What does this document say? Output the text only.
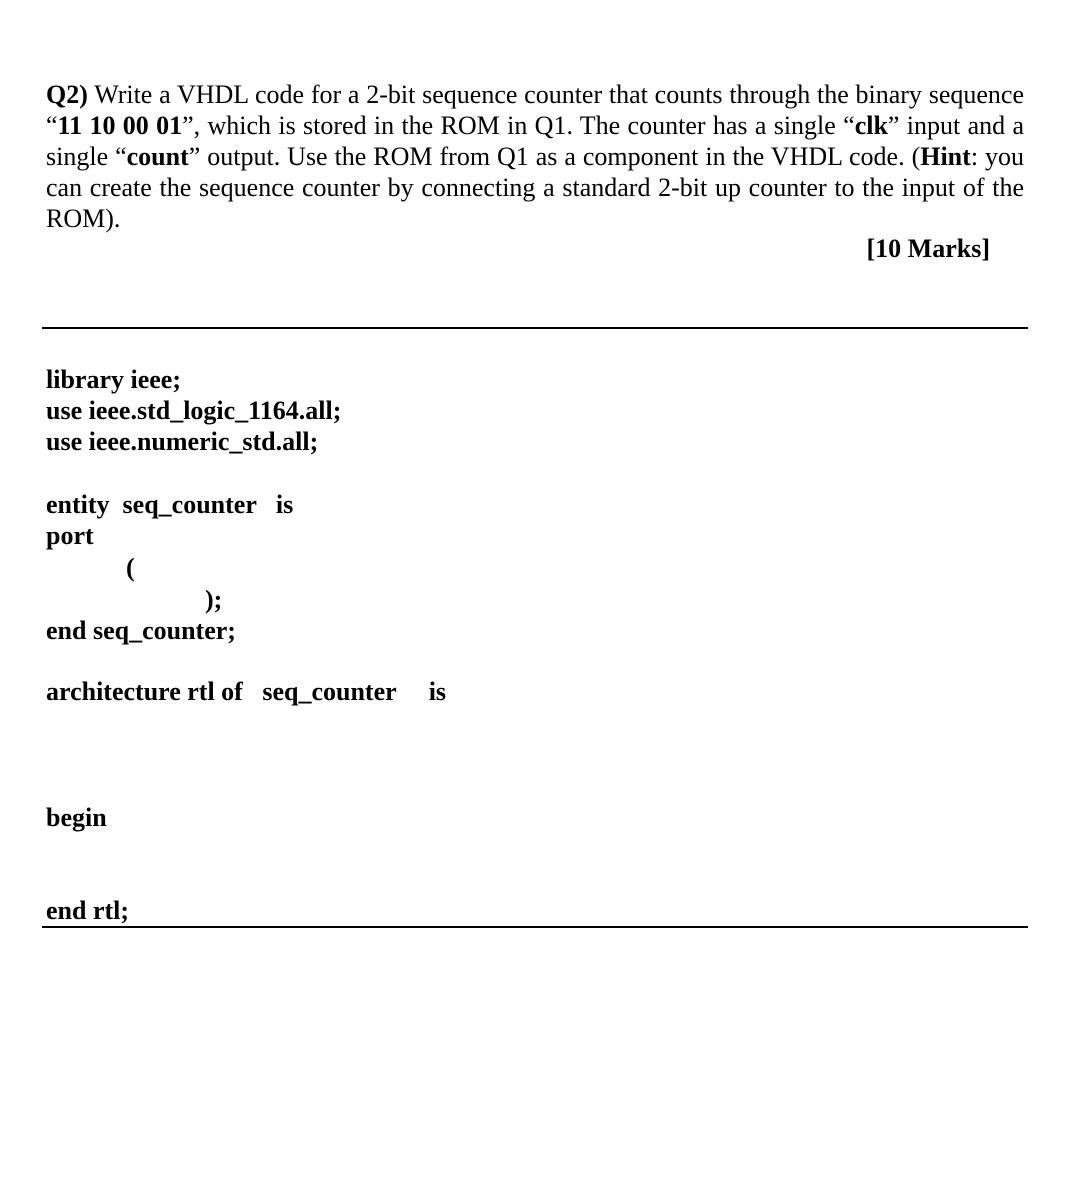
Q2) Write a VHDL code for a 2-bit sequence counter that counts through the binary sequence “11 10 00 01”, which is stored in the ROM in Q1. The counter has a single “clk” input and a single “count” output. Use the ROM from Q1 as a component in the VHDL code. (Hint: you can create the sequence counter by connecting a standard 2-bit up counter to the input of the ROM).
[10 Marks]
library ieee;
use ieee.std_logic_1164.all;
use ieee.numeric_std.all;
entity  seq_counter   is
port
(
);
end seq_counter;
architecture rtl of   seq_counter     is
begin
end rtl;
